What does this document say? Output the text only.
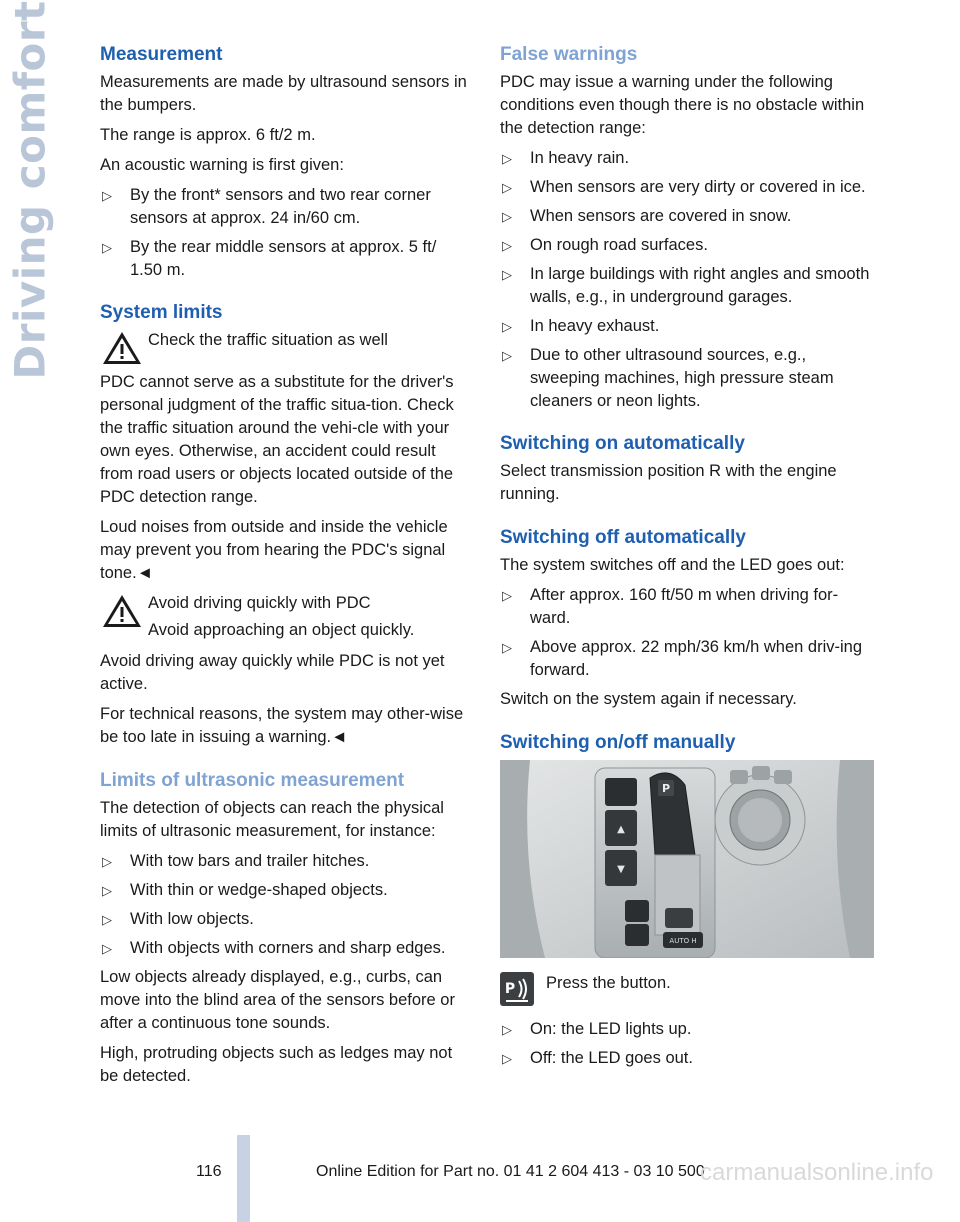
Driving comfort Measurement

Measurements are made by ultrasound sensors in the bumpers.

The range is approx. 6 ft/2 m.

An acoustic warning is first given:

▷ By the front* sensors and two rear corner sensors at approx. 24 in/60 cm.
▷ By the rear middle sensors at approx. 5 ft/ 1.50 m.
System limits

Check the traffic situation as well

PDC cannot serve as a substitute for the driver's personal judgment of the traffic situa-tion. Check the traffic situation around the vehi-cle with your own eyes. Otherwise, an accident could result from road users or objects located outside of the PDC detection range.

Loud noises from outside and inside the vehicle may prevent you from hearing the PDC's signal tone.◄

Avoid driving quickly with PDC

Avoid approaching an object quickly.

Avoid driving away quickly while PDC is not yet active.

For technical reasons, the system may other-wise be too late in issuing a warning.◄

Limits of ultrasonic measurement

The detection of objects can reach the physical limits of ultrasonic measurement, for instance:

▷ With tow bars and trailer hitches.
▷ With thin or wedge-shaped objects.
▷ With low objects.
▷ With objects with corners and sharp edges.

Low objects already displayed, e.g., curbs, can move into the blind area of the sensors before or after a continuous tone sounds.

High, protruding objects such as ledges may not be detected.

False warnings

PDC may issue a warning under the following conditions even though there is no obstacle within the detection range:

▷ In heavy rain.
▷ When sensors are very dirty or covered in ice.
▷ When sensors are covered in snow.
▷ On rough road surfaces.
▷ In large buildings with right angles and smooth walls, e.g., in underground garages.
▷ In heavy exhaust.
▷ Due to other ultrasound sources, e.g., sweeping machines, high pressure steam cleaners or neon lights.
Switching on automatically

Select transmission position R with the engine running.

Switching off automatically

The system switches off and the LED goes out:

▷ After approx. 160 ft/50 m when driving for-ward.
▷ Above approx. 22 mph/36 km/h when driv-ing forward.

Switch on the system again if necessary.

Switching on/off manually
▲
▼
P
AUTO H
P Press the button.

▷ On: the LED lights up.
▷ Off: the LED goes out.
116	Online Edition for Part no. 01 41 2 604 413 - 03 10 500
carmanualsonline.info
